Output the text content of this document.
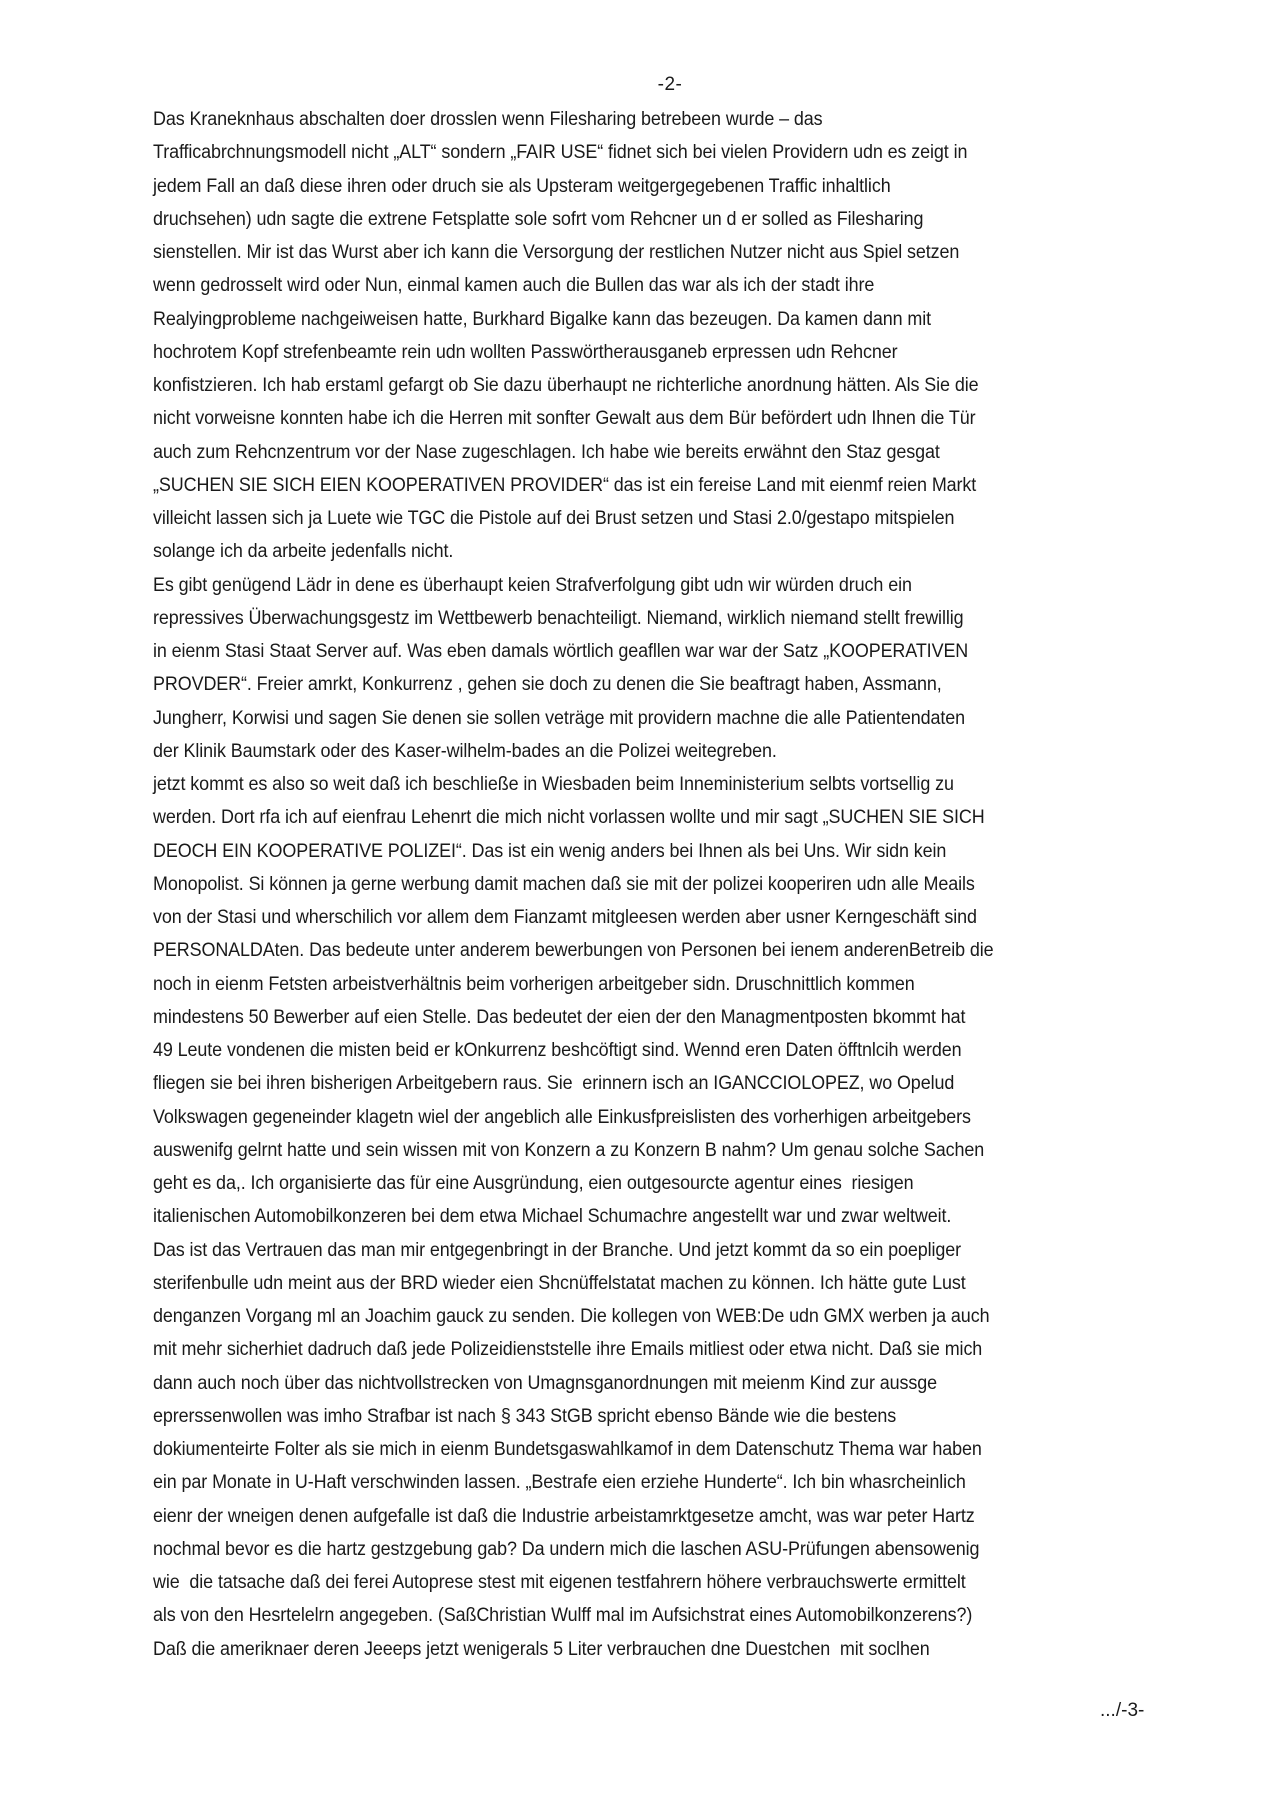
-2-
Das Kraneknhaus abschalten doer drosslen wenn Filesharing betrebeen wurde – das
Trafficabrchnungsmodell nicht „ALT“ sondern „FAIR USE“ fidnet sich bei vielen Providern udn es zeigt in
jedem Fall an daß diese ihren oder druch sie als Upsteram weitgergegebenen Traffic inhaltlich
druchsehen) udn sagte die extrene Fetsplatte sole sofrt vom Rehcner un d er solled as Filesharing
sienstellen. Mir ist das Wurst aber ich kann die Versorgung der restlichen Nutzer nicht aus Spiel setzen
wenn gedrosselt wird oder Nun, einmal kamen auch die Bullen das war als ich der stadt ihre
Realyingprobleme nachgeiweisen hatte, Burkhard Bigalke kann das bezeugen. Da kamen dann mit
hochrotem Kopf strefenbeamte rein udn wollten Passwörtherausganeb erpressen udn Rehcner
konfistzieren. Ich hab erstaml gefargt ob Sie dazu überhaupt ne richterliche anordnung hätten. Als Sie die
nicht vorweisne konnten habe ich die Herren mit sonfter Gewalt aus dem Bür befördert udn Ihnen die Tür
auch zum Rehcnzentrum vor der Nase zugeschlagen. Ich habe wie bereits erwähnt den Staz gesgat
„SUCHEN SIE SICH EIEN KOOPERATIVEN PROVIDER“ das ist ein fereise Land mit eienmf reien Markt
villeicht lassen sich ja Luete wie TGC die Pistole auf dei Brust setzen und Stasi 2.0/gestapo mitspielen
solange ich da arbeite jedenfalls nicht.
Es gibt genügend Lädr in dene es überhaupt keien Strafverfolgung gibt udn wir würden druch ein
repressives Überwachungsgestz im Wettbewerb benachteiligt. Niemand, wirklich niemand stellt frewillig
in eienm Stasi Staat Server auf. Was eben damals wörtlich geafllen war war der Satz „KOOPERATIVEN
PROVDER“. Freier amrkt, Konkurrenz , gehen sie doch zu denen die Sie beaftragt haben, Assmann,
Jungherr, Korwisi und sagen Sie denen sie sollen veträge mit providern machne die alle Patientendaten
der Klinik Baumstark oder des Kaser-wilhelm-bades an die Polizei weitegreben.
jetzt kommt es also so weit daß ich beschließe in Wiesbaden beim Inneministerium selbts vortsellig zu
werden. Dort rfa ich auf eienfrau Lehenrt die mich nicht vorlassen wollte und mir sagt „SUCHEN SIE SICH
DEOCH EIN KOOPERATIVE POLIZEI“. Das ist ein wenig anders bei Ihnen als bei Uns. Wir sidn kein
Monopolist. Si können ja gerne werbung damit machen daß sie mit der polizei kooperiren udn alle Meails
von der Stasi und wherschilich vor allem dem Fianzamt mitgleesen werden aber usner Kerngeschäft sind
PERSONALDAten. Das bedeute unter anderem bewerbungen von Personen bei ienem anderenBetreib die
noch in eienm Fetsten arbeistverhältnis beim vorherigen arbeitgeber sidn. Druschnittlich kommen
mindestens 50 Bewerber auf eien Stelle. Das bedeutet der eien der den Managmentposten bkommt hat
49 Leute vondenen die misten beid er kOnkurrenz beshcöftigt sind. Wennd eren Daten öfftnlcih werden
fliegen sie bei ihren bisherigen Arbeitgebern raus. Sie  erinnern isch an IGANCCIOLOPEZ, wo Opelud
Volkswagen gegeneinder klagetn wiel der angeblich alle Einkusfpreislisten des vorherhigen arbeitgebers
auswenifg gelrnt hatte und sein wissen mit von Konzern a zu Konzern B nahm? Um genau solche Sachen
geht es da,. Ich organisierte das für eine Ausgründung, eien outgesourcte agentur eines  riesigen
italienischen Automobilkonzeren bei dem etwa Michael Schumachre angestellt war und zwar weltweit.
Das ist das Vertrauen das man mir entgegenbringt in der Branche. Und jetzt kommt da so ein poepliger
sterifenbulle udn meint aus der BRD wieder eien Shcnüffelstatat machen zu können. Ich hätte gute Lust
denganzen Vorgang ml an Joachim gauck zu senden. Die kollegen von WEB:De udn GMX werben ja auch
mit mehr sicherhiet dadruch daß jede Polizeidienststelle ihre Emails mitliest oder etwa nicht. Daß sie mich
dann auch noch über das nichtvollstrecken von Umagnsganordnungen mit meienm Kind zur aussge
eprerssenwollen was imho Strafbar ist nach § 343 StGB spricht ebenso Bände wie die bestens
dokiumenteirte Folter als sie mich in eienm Bundetsgaswahlkamof in dem Datenschutz Thema war haben
ein par Monate in U-Haft verschwinden lassen. „Bestrafe eien erziehe Hunderte“. Ich bin whasrcheinlich
eienr der wneigen denen aufgefalle ist daß die Industrie arbeistamrktgesetze amcht, was war peter Hartz
nochmal bevor es die hartz gestzgebung gab? Da undern mich die laschen ASU-Prüfungen abensowenig
wie  die tatsache daß dei ferei Autoprese stest mit eigenen testfahrern höhere verbrauchswerte ermittelt
als von den Hesrtelelrn angegeben. (SaßChristian Wulff mal im Aufsichstrat eines Automobilkonzerens?)
Daß die ameriknaer deren Jeeeps jetzt wenigerals 5 Liter verbrauchen dne Duestchen  mit soclhen
.../-3-
